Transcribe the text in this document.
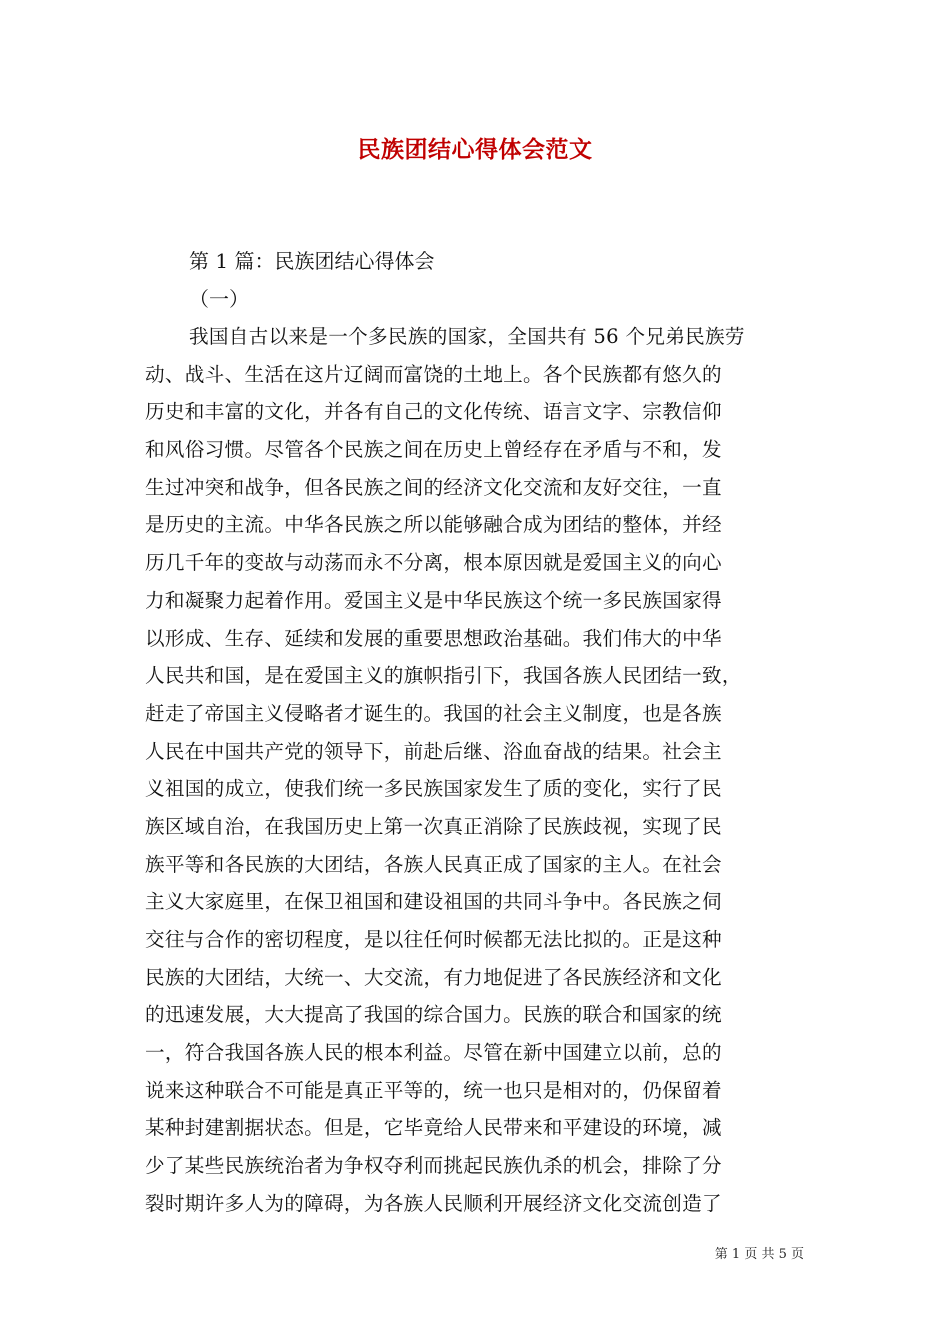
民族团结心得体会范文
第 1 篇：民族团结心得体会
（一）
我国自古以来是一个多民族的国家，全国共有 56 个兄弟民族劳
动、战斗、生活在这片辽阔而富饶的土地上。各个民族都有悠久的
历史和丰富的文化，并各有自己的文化传统、语言文字、宗教信仰
和风俗习惯。尽管各个民族之间在历史上曾经存在矛盾与不和，发
生过冲突和战争，但各民族之间的经济文化交流和友好交往，一直
是历史的主流。中华各民族之所以能够融合成为团结的整体，并经
历几千年的变故与动荡而永不分离，根本原因就是爱国主义的向心
力和凝聚力起着作用。爱国主义是中华民族这个统一多民族国家得
以形成、生存、延续和发展的重要思想政治基础。我们伟大的中华
人民共和国，是在爱国主义的旗帜指引下，我国各族人民团结一致，
赶走了帝国主义侵略者才诞生的。我国的社会主义制度，也是各族
人民在中国共产党的领导下，前赴后继、浴血奋战的结果。社会主
义祖国的成立，使我们统一多民族国家发生了质的变化，实行了民
族区域自治，在我国历史上第一次真正消除了民族歧视，实现了民
族平等和各民族的大团结，各族人民真正成了国家的主人。在社会
主义大家庭里，在保卫祖国和建设祖国的共同斗争中。各民族之伺
交往与合作的密切程度，是以往任何时候都无法比拟的。正是这种
民族的大团结，大统一、大交流，有力地促进了各民族经济和文化
的迅速发展，大大提高了我国的综合国力。民族的联合和国家的统
一，符合我国各族人民的根本利益。尽管在新中国建立以前，总的
说来这种联合不可能是真正平等的，统一也只是相对的，仍保留着
某种封建割据状态。但是，它毕竟给人民带来和平建设的环境，减
少了某些民族统治者为争权夺利而挑起民族仇杀的机会，排除了分
裂时期许多人为的障碍，为各族人民顺利开展经济文化交流创造了
第 1 页 共 5 页
